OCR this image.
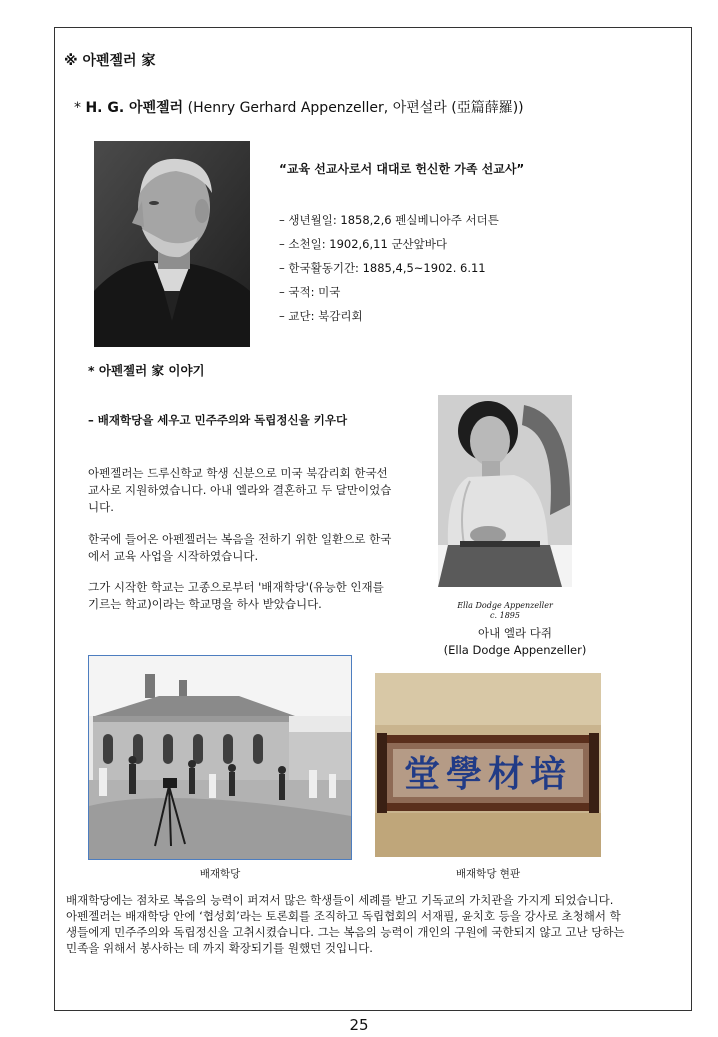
※ 아펜젤러 家
* H. G. 아펜젤러 (Henry Gerhard Appenzeller, 아편설라 (亞篇薛羅))
“교육 선교사로서 대대로 헌신한 가족 선교사”
– 생년월일: 1858,2,6 펜실베니아주 서더튼
– 소천일: 1902,6,11 군산앞바다
– 한국활동기간: 1885,4,5~1902. 6.11
– 국적: 미국
– 교단: 북감리회
* 아펜젤러 家 이야기
– 배재학당을 세우고 민주주의와 독립정신을 키우다
아펜젤러는 드루신학교 학생 신분으로 미국 북감리회 한국선교사로 지원하였습니다. 아내 엘라와 결혼하고 두 달만이었습니다.
한국에 들어온 아펜젤러는 복음을 전하기 위한 일환으로 한국에서 교육 사업을 시작하였습니다.
그가 시작한 학교는 고종으로부터 '배재학당'(유능한 인재를 기르는 학교)이라는 학교명을 하사 받았습니다.	Ella Dodge Appenzeller
c. 1895
아내 엘라 다쥐
(Ella Dodge Appenzeller)
堂學材培
배재학당	배재학당 현판
배재학당에는 점차로 복음의 능력이 퍼져서 많은 학생들이 세례를 받고 기독교의 가치관을 가지게 되었습니다.
아펜젤러는 배재학당 안에 ‘협성회’라는 토론회를 조직하고 독립협회의 서재필, 윤치호 등을 강사로 초청해서 학생들에게 민주주의와 독립정신을 고취시켰습니다. 그는 복음의 능력이 개인의 구원에 국한되지 않고 고난 당하는 민족을 위해서 봉사하는 데 까지 확장되기를 원했던 것입니다.
25
